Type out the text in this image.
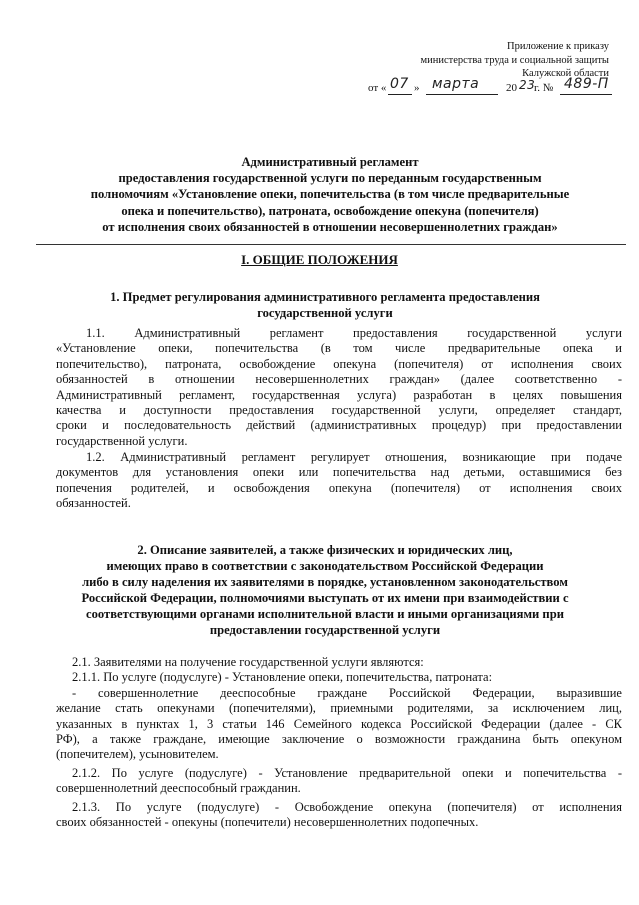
Приложение к приказу
министерства труда и социальной защиты
Калужской области
от « 07 » марта 20 23
г. № 489-П
Административный регламент
предоставления государственной услуги по переданным государственным
полномочиям «Установление опеки, попечительства (в том числе предварительные
опека и попечительство), патроната, освобождение опекуна (попечителя)
от исполнения своих обязанностей в отношении несовершеннолетних граждан»
I. ОБЩИЕ ПОЛОЖЕНИЯ
1. Предмет регулирования административного регламента предоставления
государственной услуги
1.1. Административный регламент предоставления государственной услуги
«Установление опеки, попечительства (в том числе предварительные опека и
попечительство), патроната, освобождение опекуна (попечителя) от исполнения своих
обязанностей в отношении несовершеннолетних граждан» (далее соответственно -
Административный регламент, государственная услуга) разработан в целях повышения
качества и доступности предоставления государственной услуги, определяет стандарт,
сроки и последовательность действий (административных процедур) при предоставлении
государственной услуги.
1.2. Административный регламент регулирует отношения, возникающие при подаче
документов для установления опеки или попечительства над детьми, оставшимися без
попечения родителей, и освобождения опекуна (попечителя) от исполнения своих
обязанностей.
2. Описание заявителей, а также физических и юридических лиц,
имеющих право в соответствии с законодательством Российской Федерации
либо в силу наделения их заявителями в порядке, установленном законодательством
Российской Федерации, полномочиями выступать от их имени при взаимодействии с
соответствующими органами исполнительной власти и иными организациями при
предоставлении государственной услуги
2.1. Заявителями на получение государственной услуги являются:
2.1.1. По услуге (подуслуге) - Установление опеки, попечительства, патроната:
- совершеннолетние дееспособные граждане Российской Федерации, выразившие
желание стать опекунами (попечителями), приемными родителями, за исключением лиц,
указанных в пунктах 1, 3 статьи 146 Семейного кодекса Российской Федерации (далее - СК
РФ), а также граждане, имеющие заключение о возможности гражданина быть опекуном
(попечителем), усыновителем.
2.1.2. По услуге (подуслуге) - Установление предварительной опеки и попечительства -
совершеннолетний дееспособный гражданин.
2.1.3. По услуге (подуслуге) - Освобождение опекуна (попечителя) от исполнения
своих обязанностей - опекуны (попечители) несовершеннолетних подопечных.
